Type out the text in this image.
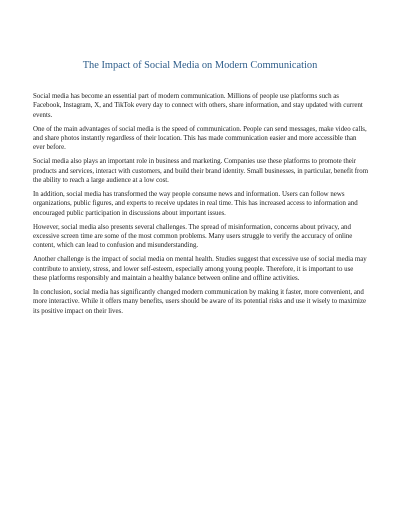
The Impact of Social Media on Modern Communication

Social media has become an essential part of modern communication. Millions of people use platforms such as Facebook, Instagram, X, and TikTok every day to connect with others, share information, and stay updated with current events.

One of the main advantages of social media is the speed of communication. People can send messages, make video calls, and share photos instantly regardless of their location. This has made communication easier and more accessible than ever before.

Social media also plays an important role in business and marketing. Companies use these platforms to promote their products and services, interact with customers, and build their brand identity. Small businesses, in particular, benefit from the ability to reach a large audience at a low cost.

In addition, social media has transformed the way people consume news and information. Users can follow news organizations, public figures, and experts to receive updates in real time. This has increased access to information and encouraged public participation in discussions about important issues.

However, social media also presents several challenges. The spread of misinformation, concerns about privacy, and excessive screen time are some of the most common problems. Many users struggle to verify the accuracy of online content, which can lead to confusion and misunderstanding.

Another challenge is the impact of social media on mental health. Studies suggest that excessive use of social media may contribute to anxiety, stress, and lower self-esteem, especially among young people. Therefore, it is important to use these platforms responsibly and maintain a healthy balance between online and offline activities.

In conclusion, social media has significantly changed modern communication by making it faster, more convenient, and more interactive. While it offers many benefits, users should be aware of its potential risks and use it wisely to maximize its positive impact on their lives.
